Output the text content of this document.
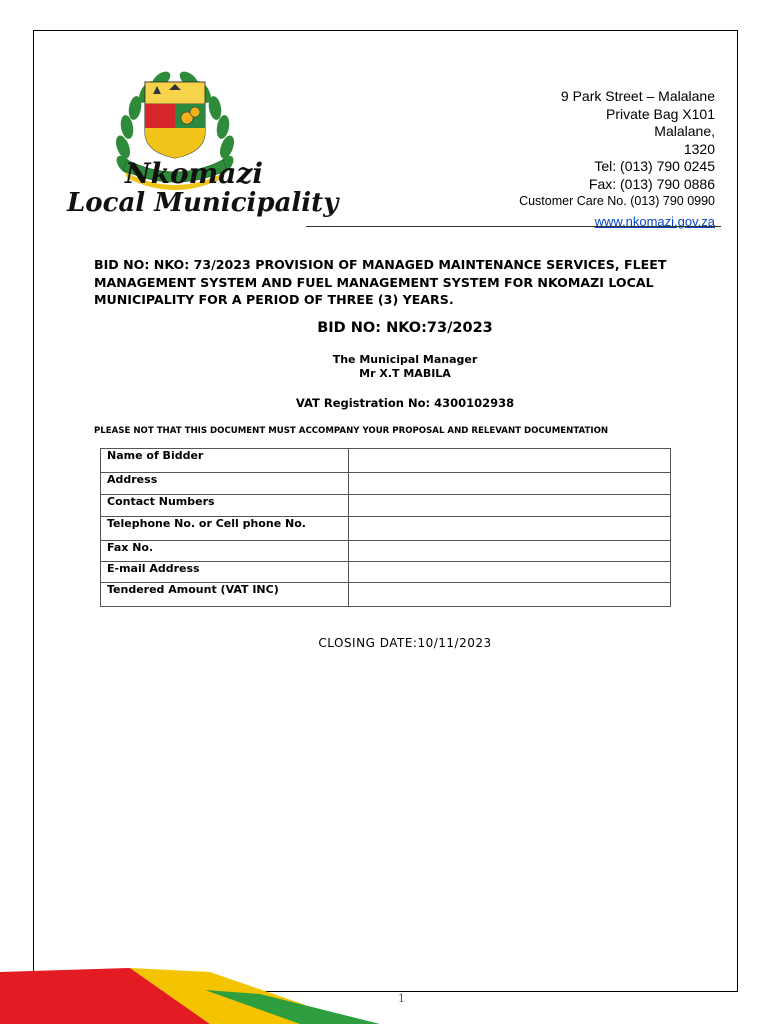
Nkomazi
Local Municipality
9 Park Street – Malalane
Private Bag X101
Malalane,
1320
Tel: (013) 790 0245
Fax: (013) 790 0886
Customer Care No. (013) 790 0990
www.nkomazi.gov.za
BID NO: NKO: 73/2023 PROVISION OF MANAGED MAINTENANCE SERVICES, FLEET MANAGEMENT SYSTEM AND FUEL MANAGEMENT SYSTEM FOR NKOMAZI LOCAL MUNICIPALITY FOR A PERIOD OF THREE (3) YEARS.
BID NO: NKO:73/2023
The Municipal Manager
Mr X.T MABILA
VAT Registration No: 4300102938
PLEASE NOT THAT THIS DOCUMENT MUST ACCOMPANY YOUR PROPOSAL AND RELEVANT DOCUMENTATION
Name of Bidder	
Address	
Contact Numbers	
Telephone No. or Cell phone No.	
Fax No.	
E-mail Address	
Tendered Amount (VAT INC)	
CLOSING DATE:10/11/2023
1
